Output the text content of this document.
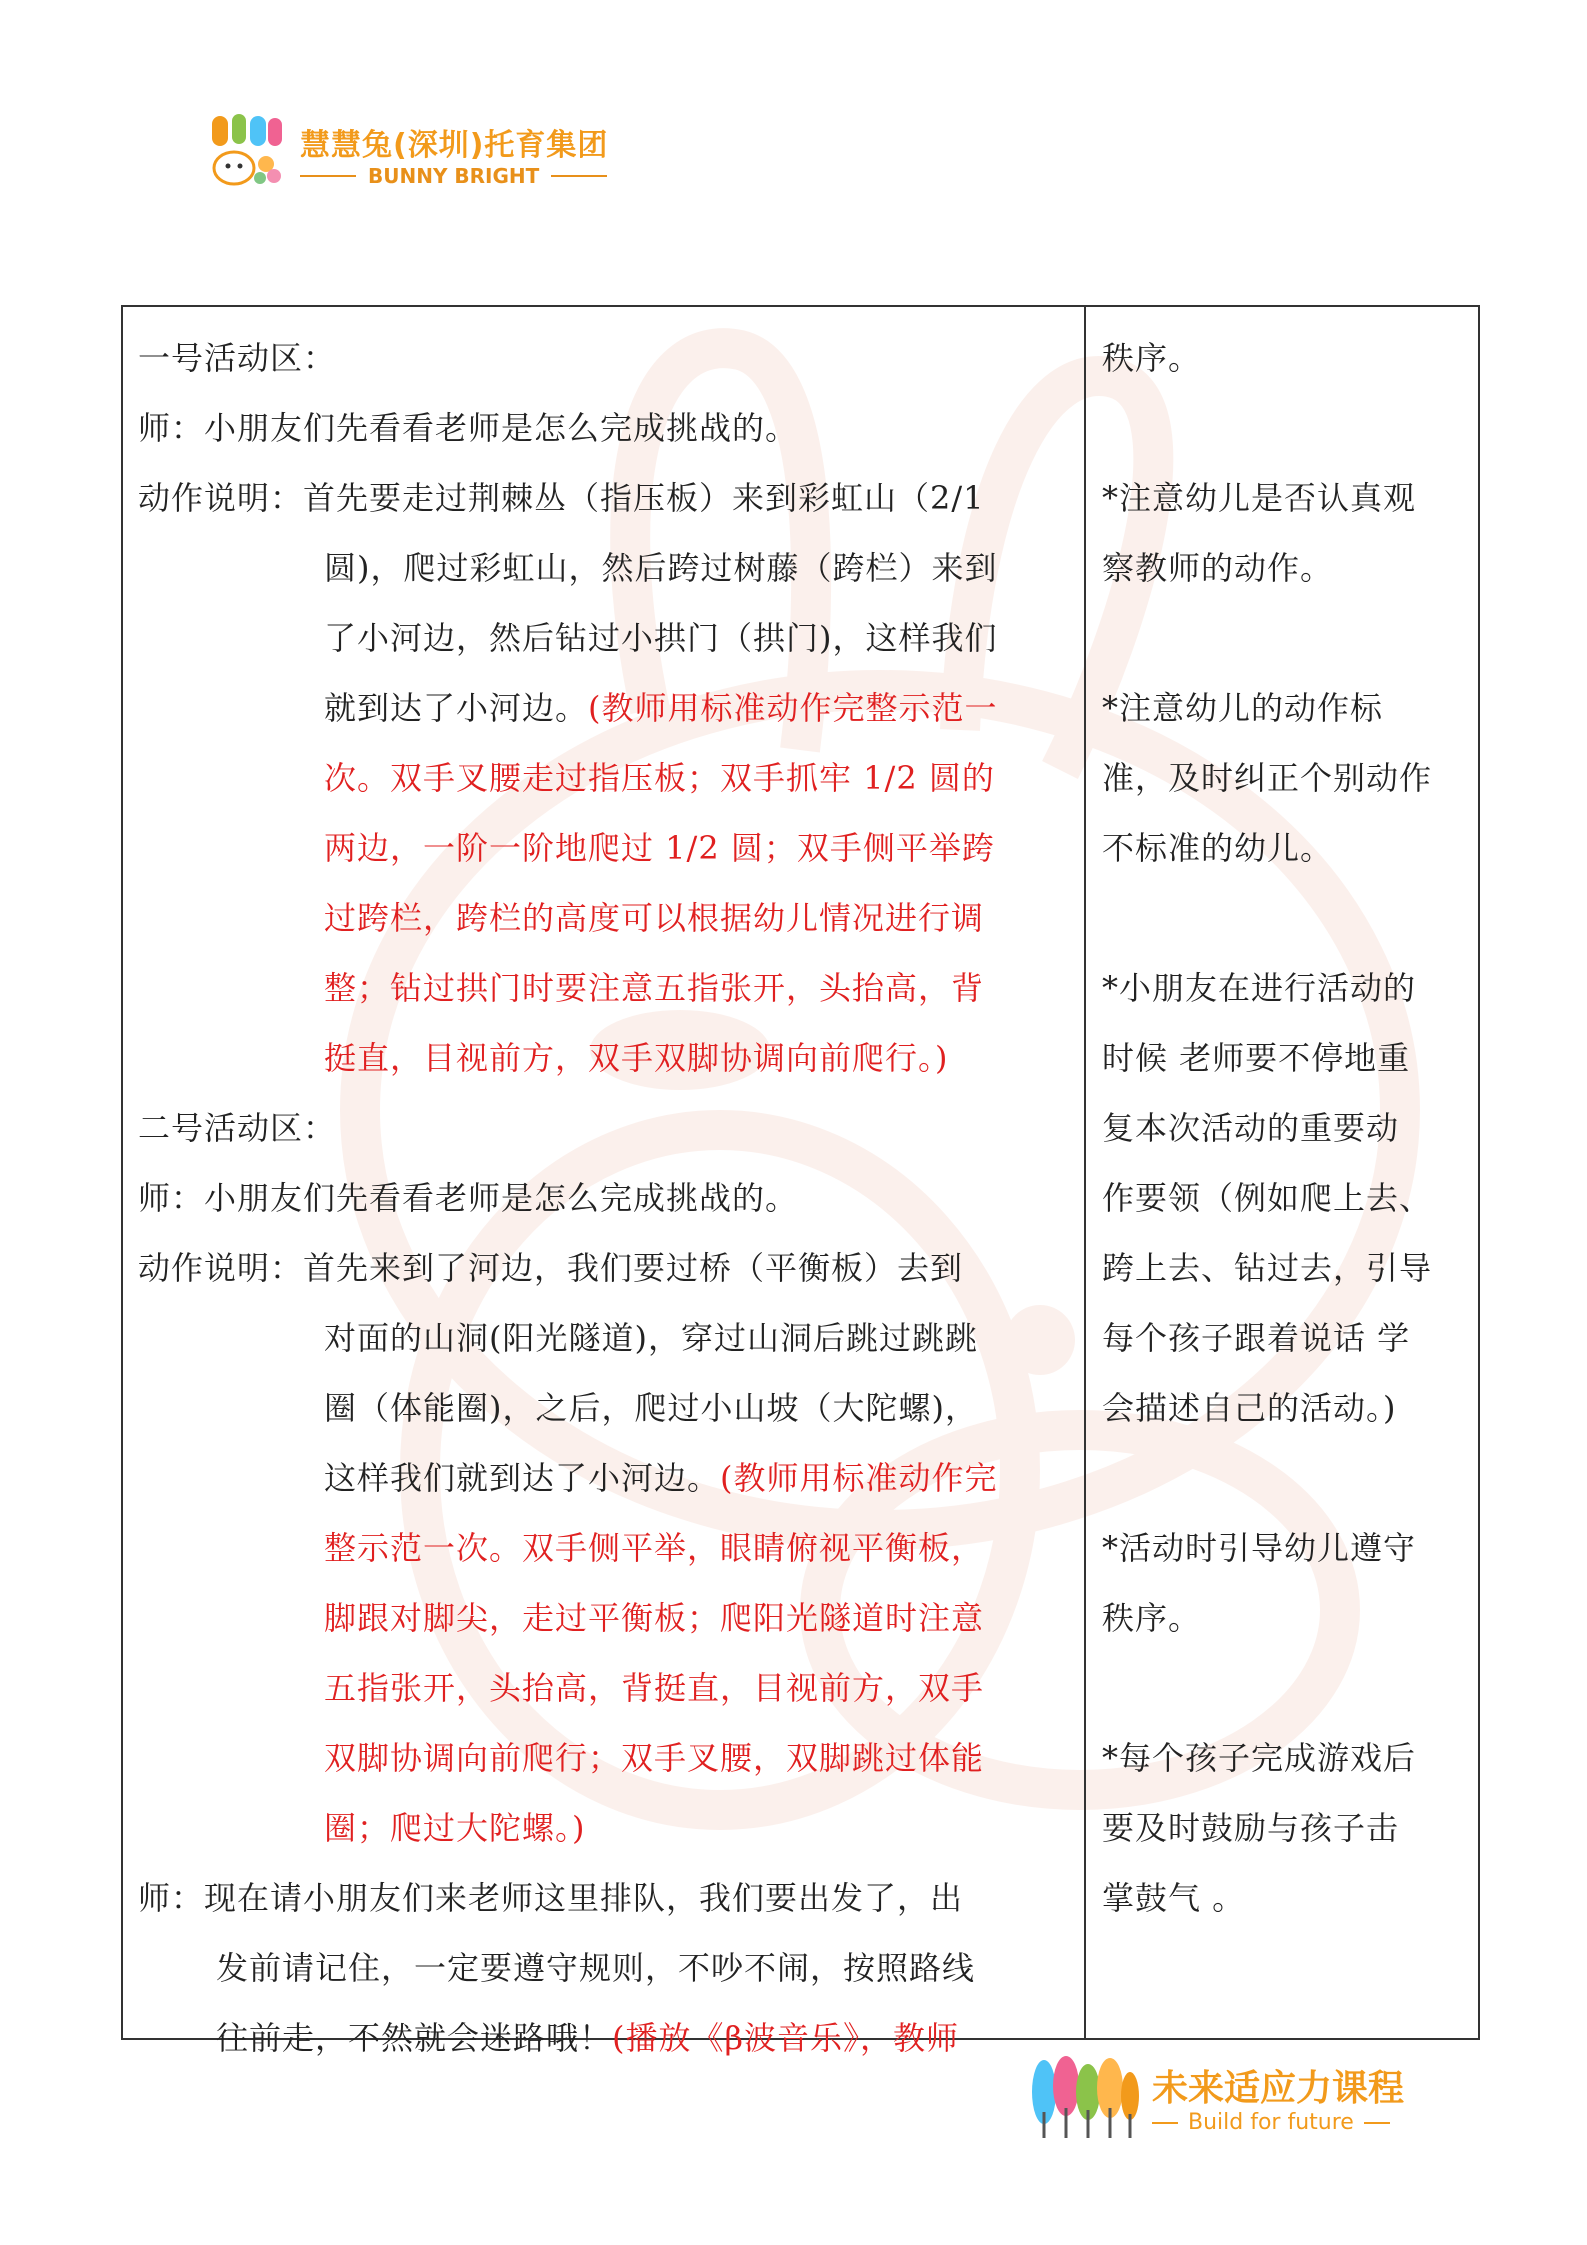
慧慧兔(深圳)托育集团
BUNNY BRIGHT
一号活动区：
师：小朋友们先看看老师是怎么完成挑战的。
动作说明：首先要走过荆棘丛（指压板）来到彩虹山（2/1
圆)，爬过彩虹山，然后跨过树藤（跨栏）来到
了小河边，然后钻过小拱门（拱门)，这样我们
就到达了小河边。(教师用标准动作完整示范一
次。双手叉腰走过指压板；双手抓牢 1/2 圆的
两边，一阶一阶地爬过 1/2 圆；双手侧平举跨
过跨栏，跨栏的高度可以根据幼儿情况进行调
整；钻过拱门时要注意五指张开，头抬高，背
挺直，目视前方，双手双脚协调向前爬行。)
二号活动区：
师：小朋友们先看看老师是怎么完成挑战的。
动作说明：首先来到了河边，我们要过桥（平衡板）去到
对面的山洞(阳光隧道)，穿过山洞后跳过跳跳
圈（体能圈)，之后，爬过小山坡（大陀螺)，
这样我们就到达了小河边。(教师用标准动作完
整示范一次。双手侧平举，眼睛俯视平衡板，
脚跟对脚尖，走过平衡板；爬阳光隧道时注意
五指张开，头抬高，背挺直，目视前方，双手
双脚协调向前爬行；双手叉腰，双脚跳过体能
圈；爬过大陀螺。)
师：现在请小朋友们来老师这里排队，我们要出发了，出
发前请记住，一定要遵守规则，不吵不闹，按照路线
往前走，不然就会迷路哦！(播放《β波音乐》，教师
秩序。
*注意幼儿是否认真观
察教师的动作。
*注意幼儿的动作标
准，及时纠正个别动作
不标准的幼儿。
*小朋友在进行活动的
时候 老师要不停地重
复本次活动的重要动
作要领（例如爬上去、
跨上去、钻过去，引导
每个孩子跟着说话 学
会描述自己的活动。)
*活动时引导幼儿遵守
秩序。
*每个孩子完成游戏后
要及时鼓励与孩子击
掌鼓气 。
未来适应力课程
Build for future
